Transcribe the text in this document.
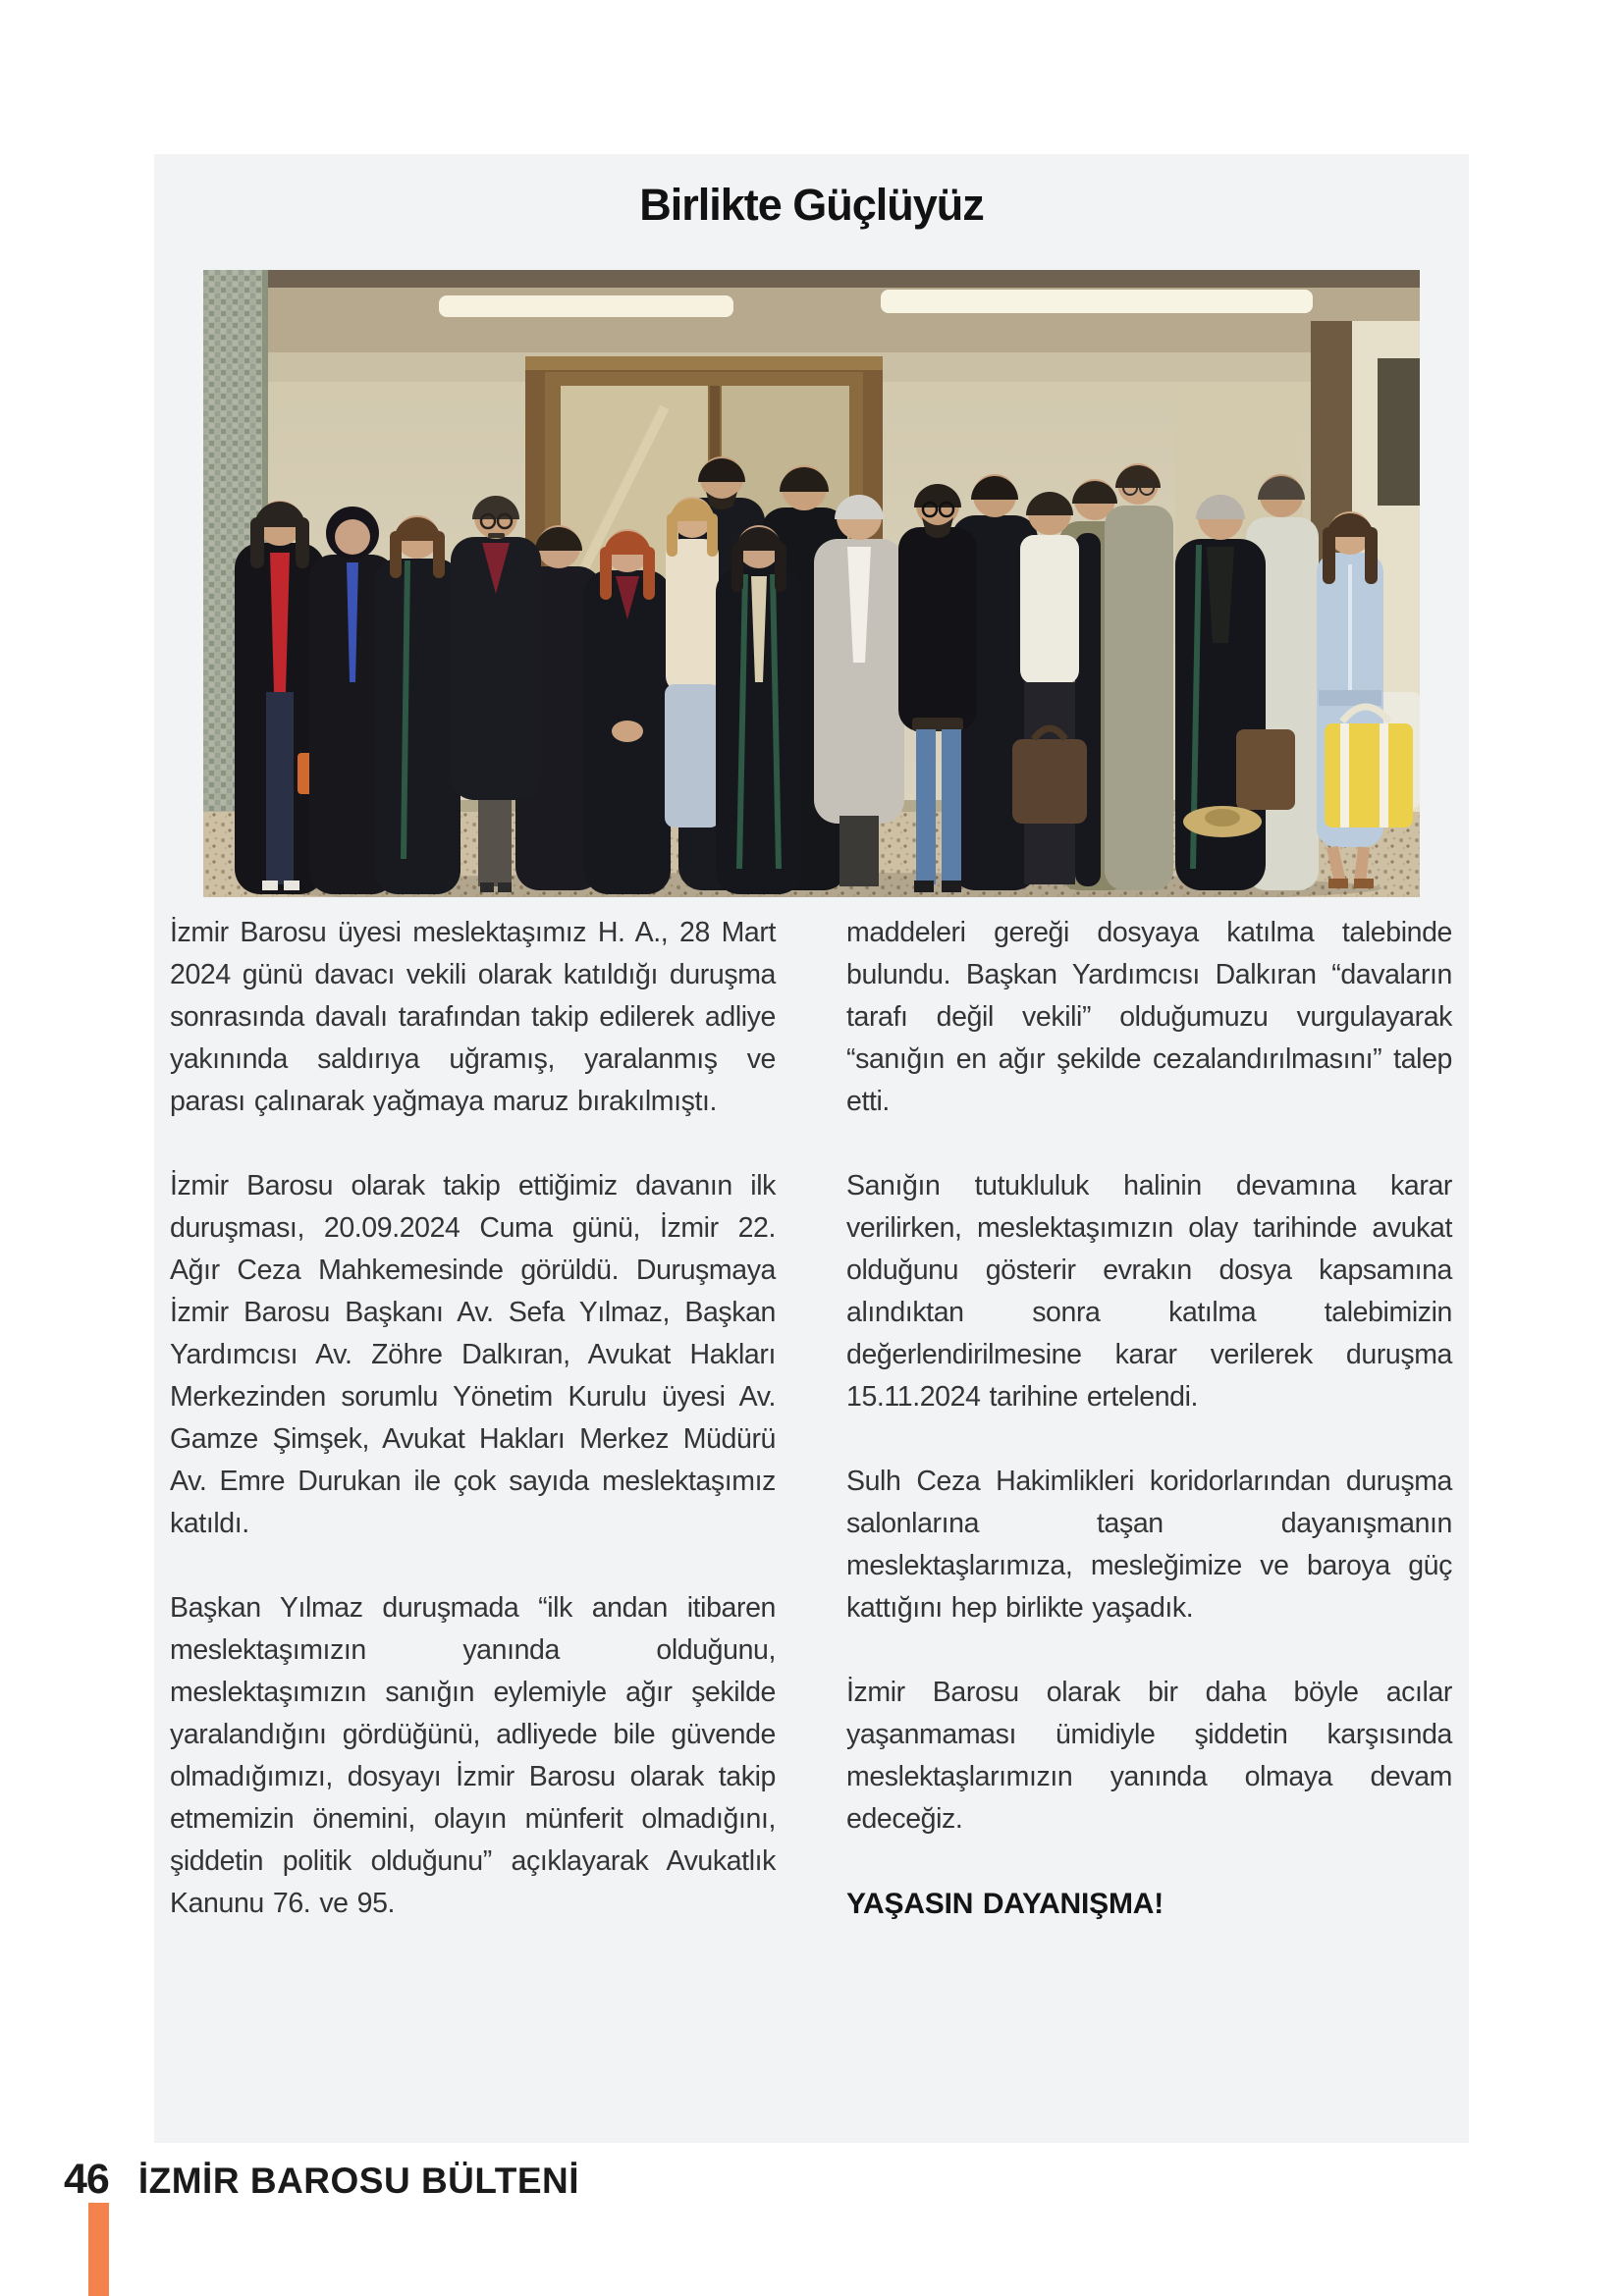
Birlikte Güçlüyüz

İzmir Barosu üyesi meslektaşımız H. A., 28 Mart 2024 günü davacı vekili olarak katıldığı duruşma sonrasında davalı tarafından takip edilerek adliye yakınında saldırıya uğramış, yaralanmış ve parası çalınarak yağmaya maruz bırakılmıştı.

İzmir Barosu olarak takip ettiğimiz davanın ilk duruşması, 20.09.2024 Cuma günü, İzmir 22. Ağır Ceza Mahkemesinde görüldü. Duruşmaya İzmir Barosu Başkanı Av. Sefa Yılmaz, Başkan Yardımcısı Av. Zöhre Dalkıran, Avukat Hakları Merkezinden sorumlu Yönetim Kurulu üyesi Av. Gamze Şimşek, Avukat Hakları Merkez Müdürü Av. Emre Durukan ile çok sayıda meslektaşımız katıldı.

Başkan Yılmaz duruşmada “ilk andan itibaren meslektaşımızın yanında olduğunu, meslektaşımızın sanığın eylemiyle ağır şekilde yaralandığını gördüğünü, adliyede bile güvende olmadığımızı, dosyayı İzmir Barosu olarak takip etmemizin önemini, olayın münferit olmadığını, şiddetin politik olduğunu” açıklayarak Avukatlık Kanunu 76. ve 95.

maddeleri gereği dosyaya katılma talebinde bulundu. Başkan Yardımcısı Dalkıran “davaların tarafı değil vekili” olduğumuzu vurgulayarak “sanığın en ağır şekilde cezalandırılmasını” talep etti.

Sanığın tutukluluk halinin devamına karar verilirken, meslektaşımızın olay tarihinde avukat olduğunu gösterir evrakın dosya kapsamına alındıktan sonra katılma talebimizin değerlendirilmesine karar verilerek duruşma 15.11.2024 tarihine ertelendi.

Sulh Ceza Hakimlikleri koridorlarından duruşma salonlarına taşan dayanışmanın meslektaşlarımıza, mesleğimize ve baroya güç kattığını hep birlikte yaşadık.

İzmir Barosu olarak bir daha böyle acılar yaşanmaması ümidiyle şiddetin karşısında meslektaşlarımızın yanında olmaya devam edeceğiz.

YAŞASIN DAYANIŞMA!

46 İZMİR BAROSU BÜLTENİ
